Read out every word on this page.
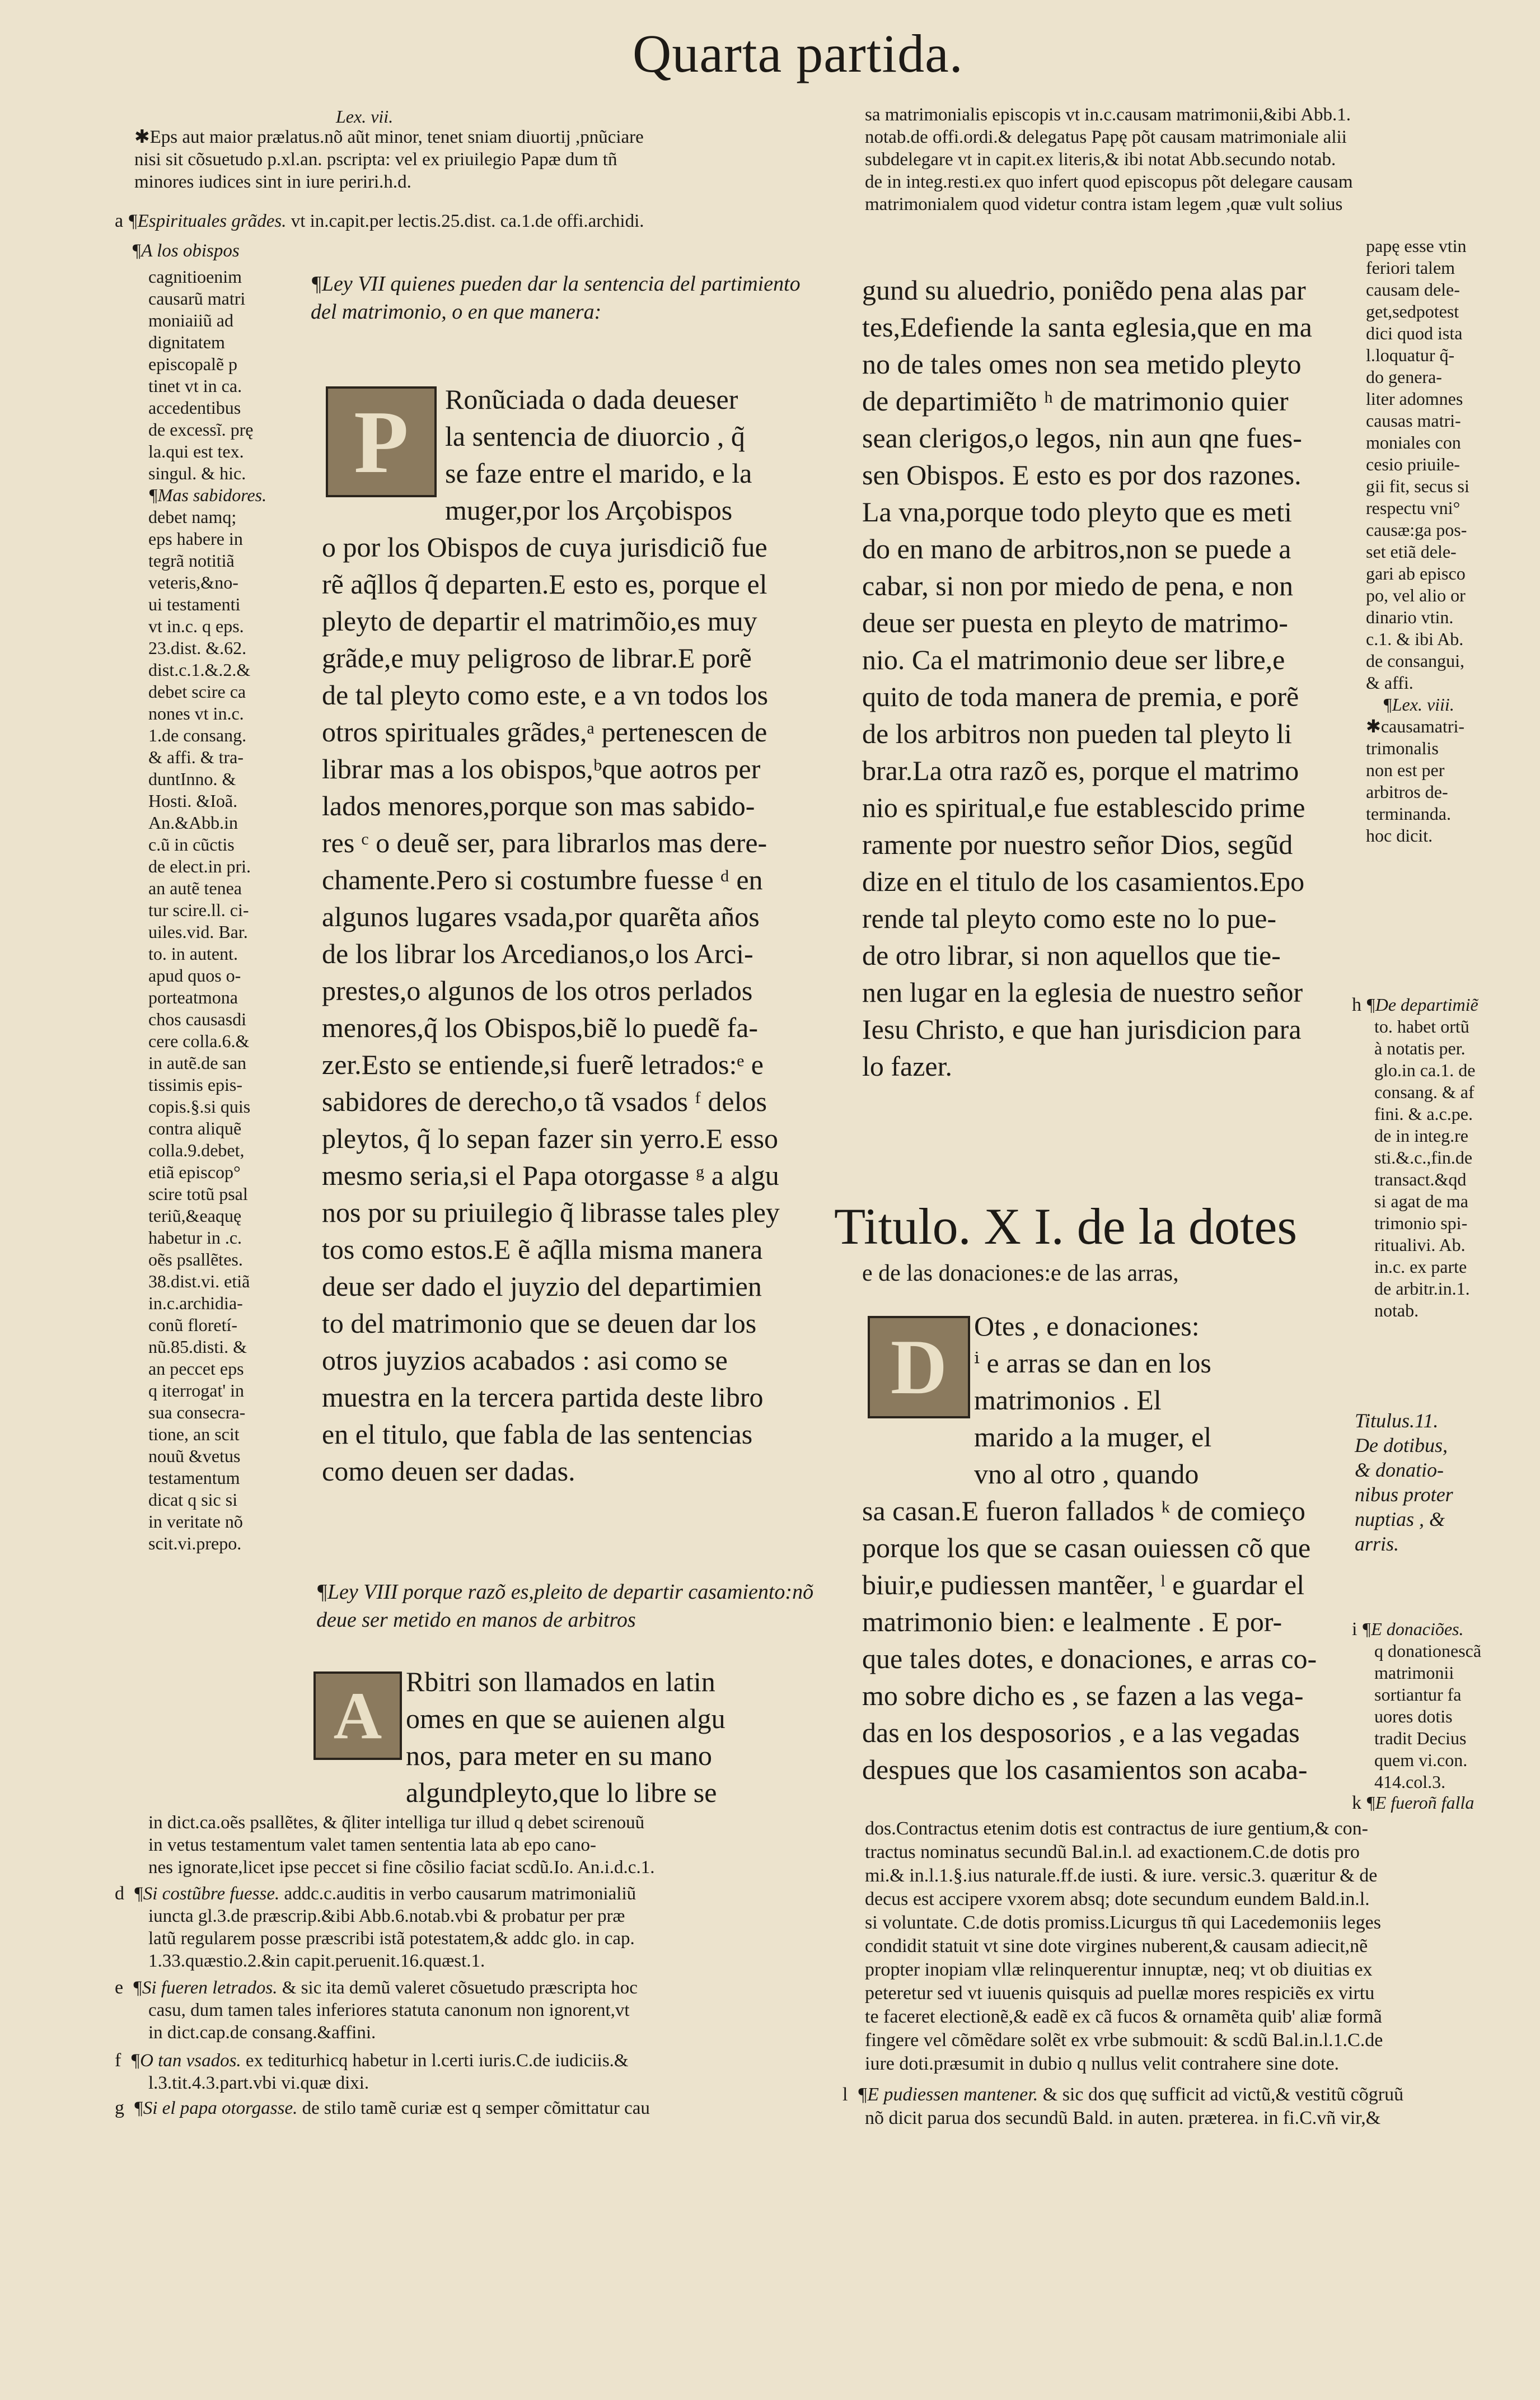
Quarta partida.
Lex. vii.

✱Eps aut maior prælatus.nõ aũt minor, tenet sniam diuortij ,pnũciare

nisi sit cõsuetudo p.xl.an. pscripta: vel ex priuilegio Papæ dum tñ

minores iudices sint in iure periri.h.d.

a ¶Espirituales grãdes. vt in.capit.per lectis.25.dist. ca.1.de offi.archidi.
¶A los obispos

cagnitioenim

causarũ matri

moniaiiũ ad

dignitatem

episcopalẽ p

tinet vt in ca.

accedentibus

de excessĩ. prę

la.qui est tex.

singul. & hic.

¶Mas sabidores.

debet namq;

eps habere in

tegrã notitiã

veteris,&no-

ui testamenti

vt in.c. q eps.

23.dist. &.62.

dist.c.1.&.2.&

debet scire ca

nones vt in.c.

1.de consang.

& affi. & tra-

duntInno. &

Hosti. &Ioã.

An.&Abb.in

c.ũ in cũctis

de elect.in pri.

an autẽ tenea

tur scire.ll. ci-

uiles.vid. Bar.

to. in autent.

apud quos o-

porteatmona

chos causasdi

cere colla.6.&

in autẽ.de san

tissimis epis-

copis.§.si quis

contra aliquẽ

colla.9.debet,

etiã episcop°

scire totũ psal

teriũ,&eaquę

habetur in .c.

oẽs psallẽtes.

38.dist.vi. etiã

in.c.archidia-

conũ floretí-

nũ.85.disti. &

an peccet eps

q iterrogat' in

sua consecra-

tione, an scit

nouũ &vetus

testamentum

dicat q sic si

in veritate nõ

scit.vi.prepo.

¶Ley VII quienes pueden dar la sentencia del partimiento del matrimonio, o en que manera:
P	Ronũciada o dada deueser

la sentencia de diuorcio , q̃

se faze entre el marido, e la

muger,por los Arçobispos

o por los Obispos de cuya jurisdiciõ fue

rẽ aq̃llos q̃ departen.E esto es, porque el

pleyto de departir el matrimõio,es muy

grãde,e muy peligroso de librar.E porẽ

de tal pleyto como este, e a vn todos los

otros spirituales grãdes,ᵃ pertenescen de

librar mas a los obispos,ᵇque aotros per

lados menores,porque son mas sabido-

res ᶜ o deuẽ ser, para librarlos mas dere-

chamente.Pero si costumbre fuesse ᵈ en

algunos lugares vsada,por quarẽta años

de los librar los Arcedianos,o los Arci-

prestes,o algunos de los otros perlados

menores,q̃ los Obispos,biẽ lo puedẽ fa-

zer.Esto se entiende,si fuerẽ letrados:ᵉ e

sabidores de derecho,o tã vsados ᶠ delos

pleytos, q̃ lo sepan fazer sin yerro.E esso

mesmo seria,si el Papa otorgasse ᵍ a algu

nos por su priuilegio q̃ librasse tales pley

tos como estos.E ẽ aq̃lla misma manera

deue ser dado el juyzio del departimien

to del matrimonio que se deuen dar los

otros juyzios acabados : asi como se

muestra en la tercera partida deste libro

en el titulo, que fabla de las sentencias

como deuen ser dadas.

¶Ley VIII porque razõ es,pleito de departir casamiento:nõ deue ser metido en manos de arbitros
A Rbitri son llamados en latin

omes en que se auienen algu

nos, para meter en su mano

algundpleyto,que lo libre se

in dict.ca.oẽs psallẽtes, & q̃liter intelliga tur illud q debet scirenouũ

in vetus testamentum valet tamen sententia lata ab epo cano-

nes ignorate,licet ipse peccet si fine cõsilio faciat scdũ.Io. An.i.d.c.1.

d ¶Si costũbre fuesse. addc.c.auditis in verbo causarum matrimonialiũ

iuncta gl.3.de præscrip.&ibi Abb.6.notab.vbi & probatur per præ

latũ regularem posse præscribi istã potestatem,& addc glo. in cap.

1.33.quæstio.2.&in capit.peruenit.16.quæst.1.

e ¶Si fueren letrados. & sic ita demũ valeret cõsuetudo præscripta hoc

casu, dum tamen tales inferiores statuta canonum non ignorent,vt

in dict.cap.de consang.&affini.

f ¶O tan vsados. ex tediturhicq habetur in l.certi iuris.C.de iudiciis.&

l.3.tit.4.3.part.vbi vi.quæ dixi.

g ¶Si el papa otorgasse. de stilo tamẽ curiæ est q semper cõmittatur cau

sa matrimonialis episcopis vt in.c.causam matrimonii,&ibi Abb.1.

notab.de offi.ordi.& delegatus Papę põt causam matrimoniale alii

subdelegare vt in capit.ex literis,& ibi notat Abb.secundo notab.

de in integ.resti.ex quo infert quod episcopus põt delegare causam

matrimonialem quod videtur contra istam legem ,quæ vult solius

papę esse vtin

feriori talem

causam dele-

get,sedpotest

dici quod ista

l.loquatur q̃-

do genera-

liter adomnes

causas matri-

moniales con

cesio priuile-

gii fit, secus si

respectu vni°

causæ:ga pos-

set etiã dele-

gari ab episco

po, vel alio or

dinario vtin.

c.1. & ibi Ab.

de consangui,

& affi.

¶Lex. viii.

✱causamatri-

trimonalis

non est per

arbitros de-

terminanda.

hoc dicit.

h ¶De departimiẽ

to. habet ortũ

à notatis per.

glo.in ca.1. de

consang. & af

fini. & a.c.pe.

de in integ.re

sti.&.c.,fin.de

transact.&qd

si agat de ma

trimonio spi-

ritualivi. Ab.

in.c. ex parte

de arbitr.in.1.

notab.

Titulus.11.

De dotibus,

& donatio-

nibus proter

nuptias , &

arris.

gund su aluedrio, poniẽdo pena alas par

tes,Edefiende la santa eglesia,que en ma

no de tales omes non sea metido pleyto

de departimiẽto ʰ de matrimonio quier

sean clerigos,o legos, nin aun qne fues-

sen Obispos. E esto es por dos razones.

La vna,porque todo pleyto que es meti

do en mano de arbitros,non se puede a

cabar, si non por miedo de pena, e non

deue ser puesta en pleyto de matrimo-

nio. Ca el matrimonio deue ser libre,e

quito de toda manera de premia, e porẽ

de los arbitros non pueden tal pleyto li

brar.La otra razõ es, porque el matrimo

nio es spiritual,e fue establescido prime

ramente por nuestro señor Dios, segũd

dize en el titulo de los casamientos.Epo

rende tal pleyto como este no lo pue-

de otro librar, si non aquellos que tie-

nen lugar en la eglesia de nuestro señor

Iesu Christo, e que han jurisdicion para

lo fazer.

Titulo. X I. de la dotes
e de las donaciones:e de las arras,
D Otes , e donaciones:

ⁱ e arras se dan en los

matrimonios . El

marido a la muger, el

vno al otro , quando

sa casan.E fueron fallados ᵏ de comieço

porque los que se casan ouiessen cõ que

biuir,e pudiessen mantẽer, ˡ e guardar el

matrimonio bien: e lealmente . E por-

que tales dotes, e donaciones, e arras co-

mo sobre dicho es , se fazen a las vega-

das en los desposorios , e a las vegadas

despues que los casamientos son acaba-

i ¶E donaciões.

q donationescã

matrimonii

sortiantur fa

uores dotis

tradit Decius

quem vi.con.

414.col.3.

k ¶E fueroñ falla

dos.Contractus etenim dotis est contractus de iure gentium,& con-

tractus nominatus secundũ Bal.in.l. ad exactionem.C.de dotis pro

mi.& in.l.1.§.ius naturale.ff.de iusti. & iure. versic.3. quæritur & de

decus est accipere vxorem absq; dote secundum eundem Bald.in.l.

si voluntate. C.de dotis promiss.Licurgus tñ qui Lacedemoniis leges

condidit statuit vt sine dote virgines nuberent,& causam adiecit,nẽ

propter inopiam vllæ relinquerentur innuptæ, neq; vt ob diuitias ex

peteretur sed vt iuuenis quisquis ad puellæ mores respiciẽs ex virtu

te faceret electionẽ,& eadẽ ex cã fucos & ornamẽta quib' aliæ formã

fingere vel cõmẽdare solẽt ex vrbe submouit: & scdũ Bal.in.l.1.C.de

iure doti.præsumit in dubio q nullus velit contrahere sine dote.

l ¶E pudiessen mantener. & sic dos quę sufficit ad victũ,& vestitũ cõgruũ

nõ dicit parua dos secundũ Bald. in auten. præterea. in fi.C.vñ vir,&
